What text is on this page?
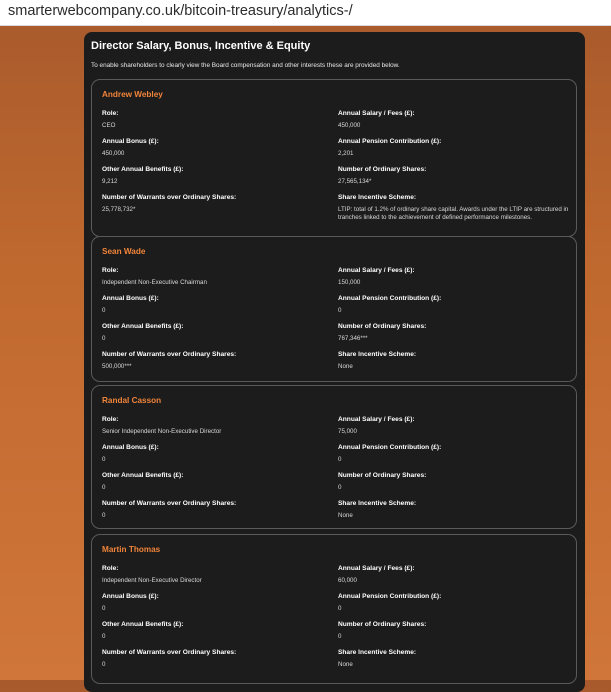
smarterwebcompany.co.uk/bitcoin-treasury/analytics-/
Director Salary, Bonus, Incentive & Equity
To enable shareholders to clearly view the Board compensation and other interests these are provided below.
Andrew Webley
Role:
CEO
Annual Salary / Fees (£):
450,000
Annual Bonus (£):
450,000
Annual Pension Contribution (£):
2,201
Other Annual Benefits (£):
9,212
Number of Ordinary Shares:
27,565,134*
Number of Warrants over Ordinary Shares:
25,778,732*
Share Incentive Scheme:
LTIP: total of 1.2% of ordinary share capital. Awards under the LTIP are structured in tranches linked to the achievement of defined performance milestones.
Sean Wade
Role:
Independent Non-Executive Chairman
Annual Salary / Fees (£):
150,000
Annual Bonus (£):
0
Annual Pension Contribution (£):
0
Other Annual Benefits (£):
0
Number of Ordinary Shares:
767,346***
Number of Warrants over Ordinary Shares:
500,000***
Share Incentive Scheme:
None
Randal Casson
Role:
Senior Independent Non-Executive Director
Annual Salary / Fees (£):
75,000
Annual Bonus (£):
0
Annual Pension Contribution (£):
0
Other Annual Benefits (£):
0
Number of Ordinary Shares:
0
Number of Warrants over Ordinary Shares:
0
Share Incentive Scheme:
None
Martin Thomas
Role:
Independent Non-Executive Director
Annual Salary / Fees (£):
60,000
Annual Bonus (£):
0
Annual Pension Contribution (£):
0
Other Annual Benefits (£):
0
Number of Ordinary Shares:
0
Number of Warrants over Ordinary Shares:
0
Share Incentive Scheme:
None
